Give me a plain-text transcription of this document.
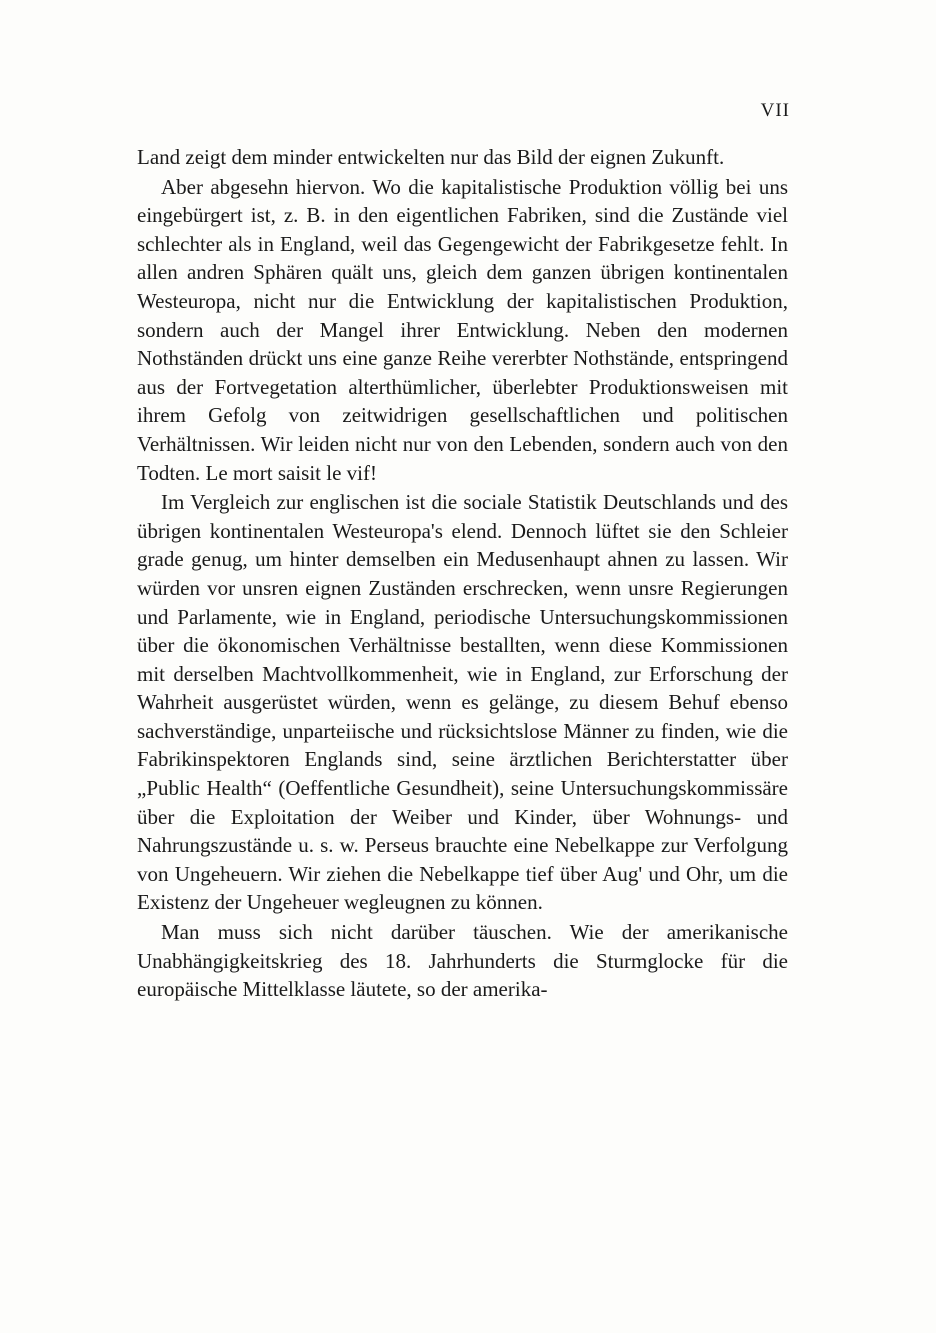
VII

Land zeigt dem minder entwickelten nur das Bild der eignen Zukunft.

Aber abgesehn hiervon. Wo die kapitalistische Produktion völlig bei uns eingebürgert ist, z. B. in den eigentlichen Fabriken, sind die Zustände viel schlechter als in England, weil das Gegengewicht der Fabrikgesetze fehlt. In allen andren Sphären quält uns, gleich dem ganzen übrigen kontinentalen Westeuropa, nicht nur die Entwicklung der kapitalistischen Produktion, sondern auch der Mangel ihrer Entwicklung. Neben den modernen Nothständen drückt uns eine ganze Reihe vererbter Nothstände, entspringend aus der Fortvegetation alterthümlicher, überlebter Produktionsweisen mit ihrem Gefolg von zeitwidrigen gesellschaftlichen und politischen Verhältnissen. Wir leiden nicht nur von den Lebenden, sondern auch von den Todten. Le mort saisit le vif!

Im Vergleich zur englischen ist die sociale Statistik Deutschlands und des übrigen kontinentalen Westeuropa's elend. Dennoch lüftet sie den Schleier grade genug, um hinter demselben ein Medusenhaupt ahnen zu lassen. Wir würden vor unsren eignen Zuständen erschrecken, wenn unsre Regierungen und Parlamente, wie in England, periodische Untersuchungskommissionen über die ökonomischen Verhältnisse bestallten, wenn diese Kommissionen mit derselben Machtvollkommenheit, wie in England, zur Erforschung der Wahrheit ausgerüstet würden, wenn es gelänge, zu diesem Behuf ebenso sachverständige, unparteiische und rücksichtslose Männer zu finden, wie die Fabrikinspektoren Englands sind, seine ärztlichen Berichterstatter über „Public Health“ (Oeffentliche Gesundheit), seine Untersuchungskommissäre über die Exploitation der Weiber und Kinder, über Wohnungs- und Nahrungszustände u. s. w. Perseus brauchte eine Nebelkappe zur Verfolgung von Ungeheuern. Wir ziehen die Nebelkappe tief über Aug' und Ohr, um die Existenz der Ungeheuer wegleugnen zu können.

Man muss sich nicht darüber täuschen. Wie der amerikanische Unabhängigkeitskrieg des 18. Jahrhunderts die Sturmglocke für die europäische Mittelklasse läutete, so der amerika-
